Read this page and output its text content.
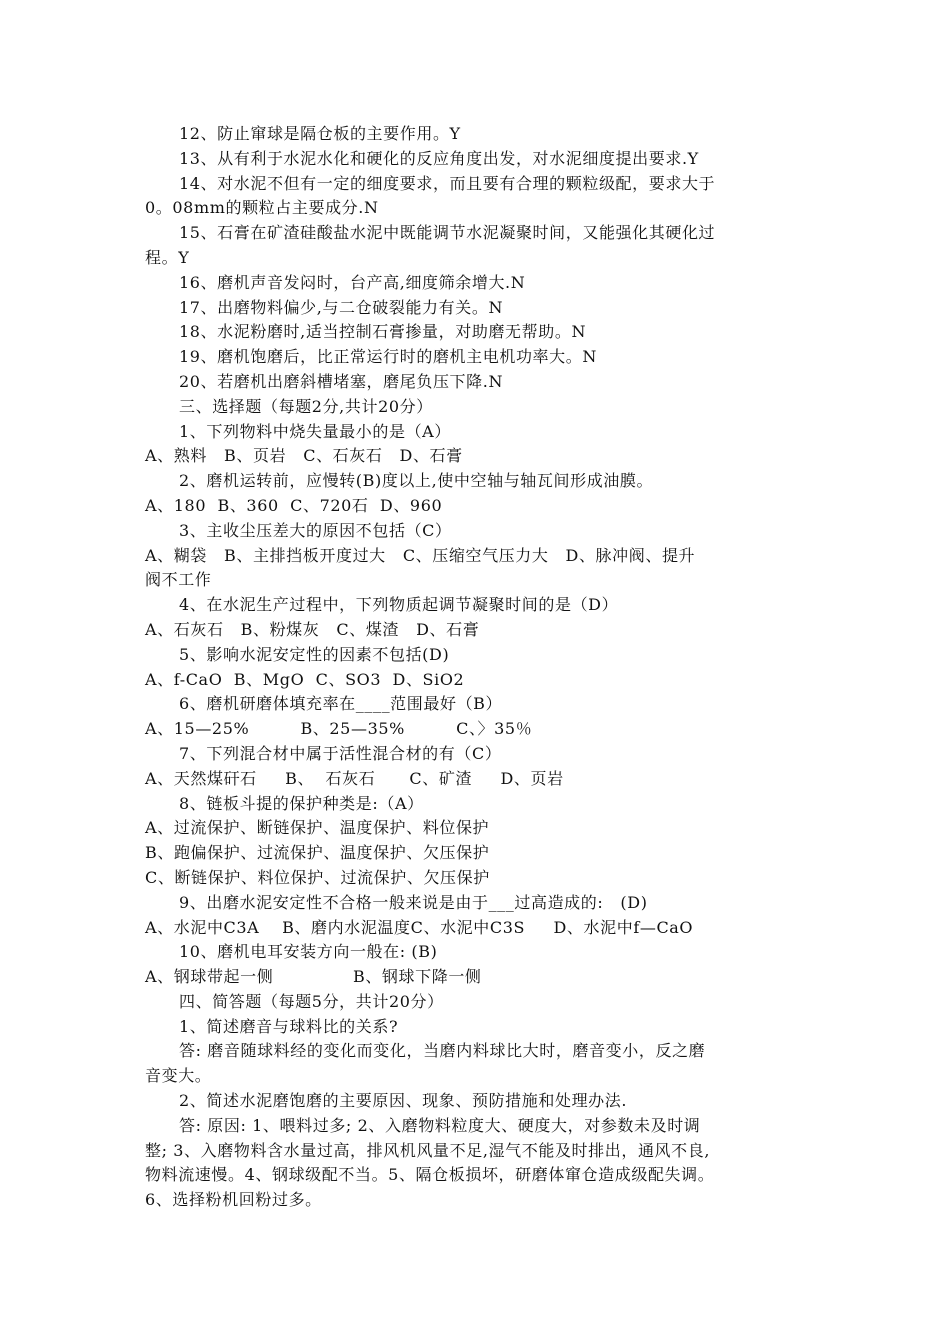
12、防止窜球是隔仓板的主要作用。Y
13、从有利于水泥水化和硬化的反应角度出发，对水泥细度提出要求.Y
14、对水泥不但有一定的细度要求，而且要有合理的颗粒级配，要求大于
0。08mm的颗粒占主要成分.N
15、石膏在矿渣硅酸盐水泥中既能调节水泥凝聚时间，又能强化其硬化过
程。Y
16、磨机声音发闷时，台产高,细度筛余增大.N
17、出磨物料偏少,与二仓破裂能力有关。N
18、水泥粉磨时,适当控制石膏掺量，对助磨无帮助。N
19、磨机饱磨后，比正常运行时的磨机主电机功率大。N
20、若磨机出磨斜槽堵塞，磨尾负压下降.N
三、选择题（每题2分,共计20分）
1、下列物料中烧失量最小的是（A）
A、熟料   B、页岩   C、石灰石   D、石膏
2、磨机运转前，应慢转(B)度以上,使中空轴与轴瓦间形成油膜。
A、180  B、360  C、720石  D、960
3、主收尘压差大的原因不包括（C）
A、糊袋   B、主排挡板开度过大   C、压缩空气压力大   D、脉冲阀、提升
阀不工作
4、在水泥生产过程中，下列物质起调节凝聚时间的是（D）
A、石灰石   B、粉煤灰   C、煤渣   D、石膏
5、影响水泥安定性的因素不包括(D)
A、f-CaO  B、MgO  C、SO3  D、SiO2
6、磨机研磨体填充率在____范围最好（B）
A、15—25%         B、25—35%         C、〉35％
7、下列混合材中属于活性混合材的有（C）
A、天然煤矸石     B、  石灰石      C、矿渣     D、页岩
8、链板斗提的保护种类是:（A）
A、过流保护、断链保护、温度保护、料位保护
B、跑偏保护、过流保护、温度保护、欠压保护
C、断链保护、料位保护、过流保护、欠压保护
9、出磨水泥安定性不合格一般来说是由于___过高造成的:   (D)
A、水泥中C3A    B、磨内水泥温度C、水泥中C3S     D、水泥中f—CaO
10、磨机电耳安装方向一般在: (B)
A、钢球带起一侧              B、钢球下降一侧
四、简答题（每题5分，共计20分）
1、简述磨音与球料比的关系?
答: 磨音随球料经的变化而变化，当磨内料球比大时，磨音变小，反之磨
音变大。
2、简述水泥磨饱磨的主要原因、现象、预防措施和处理办法.
答: 原因: 1、喂料过多; 2、入磨物料粒度大、硬度大，对参数未及时调
整; 3、入磨物料含水量过高，排风机风量不足,湿气不能及时排出，通风不良,
物料流速慢。4、钢球级配不当。5、隔仓板损坏，研磨体窜仓造成级配失调。
6、选择粉机回粉过多。
